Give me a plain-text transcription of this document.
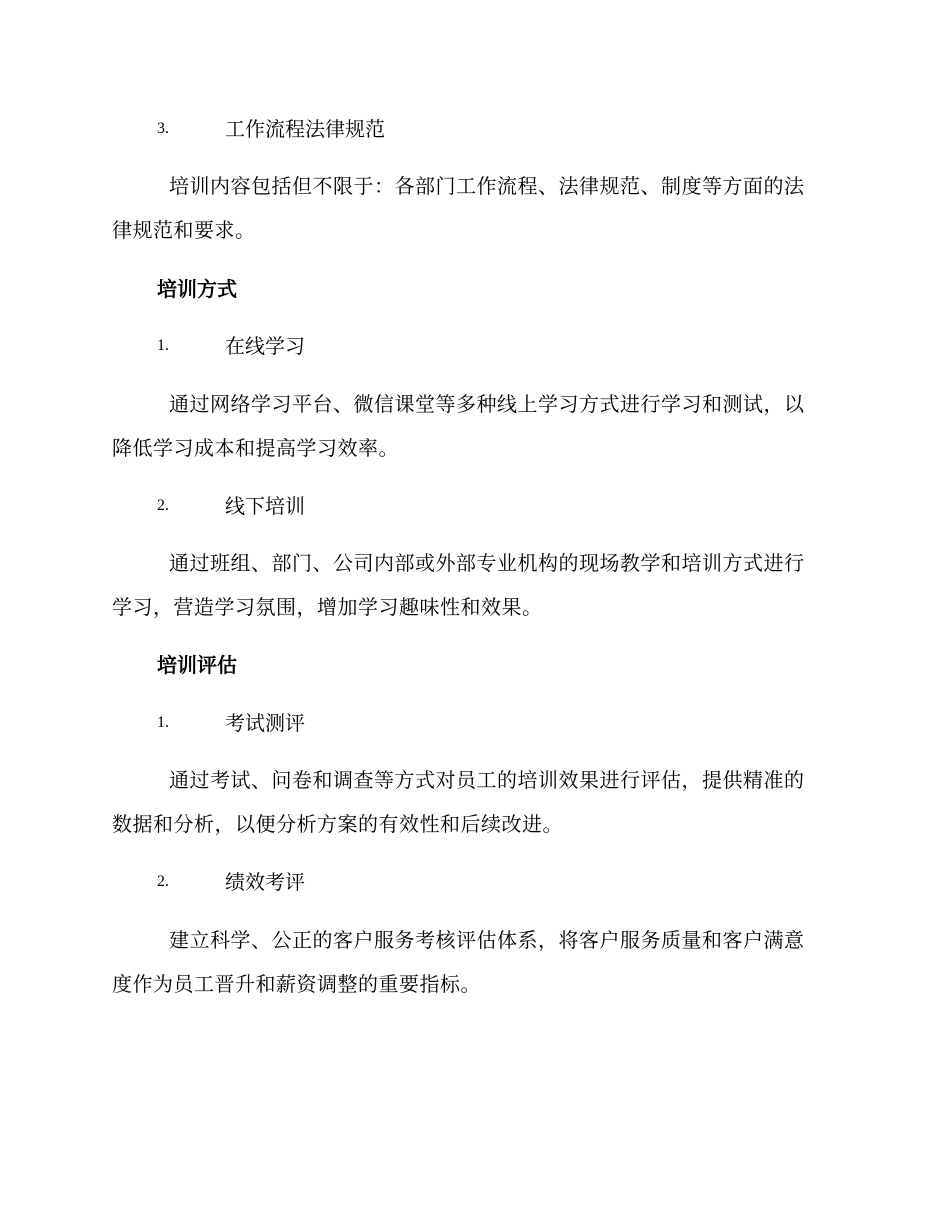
3.	工作流程法律规范

培训内容包括但不限于：各部门工作流程、法律规范、制度等方面的法律规范和要求。

培训方式
1.	在线学习

通过网络学习平台、微信课堂等多种线上学习方式进行学习和测试，以降低学习成本和提高学习效率。

2.	线下培训

通过班组、部门、公司内部或外部专业机构的现场教学和培训方式进行学习，营造学习氛围，增加学习趣味性和效果。

培训评估
1.	考试测评

通过考试、问卷和调查等方式对员工的培训效果进行评估，提供精准的数据和分析，以便分析方案的有效性和后续改进。

2.	绩效考评

建立科学、公正的客户服务考核评估体系，将客户服务质量和客户满意度作为员工晋升和薪资调整的重要指标。
